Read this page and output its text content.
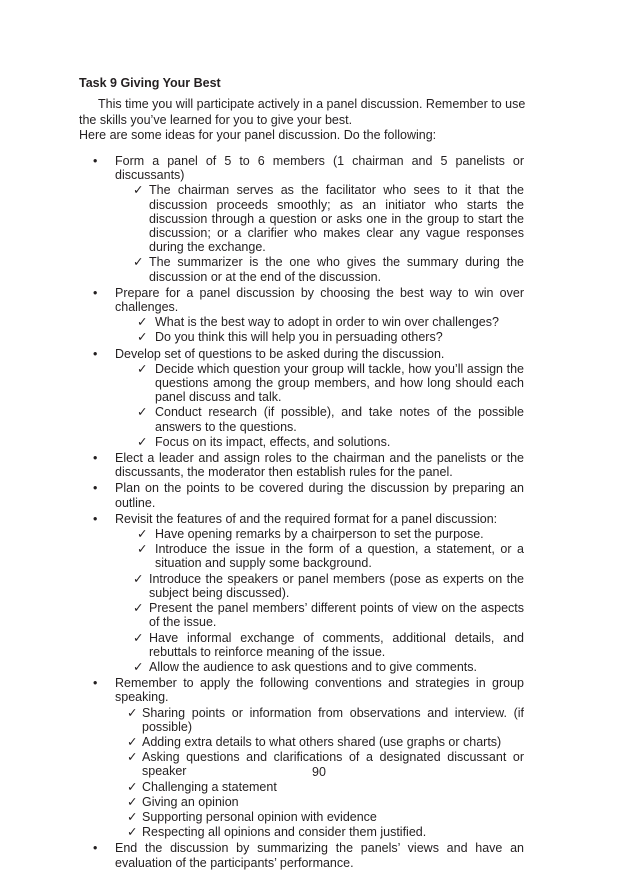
Task 9 Giving Your Best

This time you will participate actively in a panel discussion. Remember to use the skills you’ve learned for you to give your best.

Here are some ideas for your panel discussion. Do the following:

• Form a panel of 5 to 6 members (1 chairman and 5 panelists or discussants)
✓ The chairman serves as the facilitator who sees to it that the discussion proceeds smoothly; as an initiator who starts the discussion through a question or asks one in the group to start the discussion; or a clarifier who makes clear any vague responses during the exchange.
✓ The summarizer is the one who gives the summary during the discussion or at the end of the discussion.
• Prepare for a panel discussion by choosing the best way to win over challenges.
✓ What is the best way to adopt in order to win over challenges?
✓ Do you think this will help you in persuading others?
• Develop set of questions to be asked during the discussion.
✓ Decide which question your group will tackle, how you’ll assign the questions among the group members, and how long should each panel discuss and talk.
✓ Conduct research (if possible), and take notes of the possible answers to the questions.
✓ Focus on its impact, effects, and solutions.
• Elect a leader and assign roles to the chairman and the panelists or the discussants, the moderator then establish rules for the panel.
• Plan on the points to be covered during the discussion by preparing an outline.
• Revisit the features of and the required format for a panel discussion:
✓ Have opening remarks by a chairperson to set the purpose.
✓ Introduce the issue in the form of a question, a statement, or a situation and supply some background.
✓ Introduce the speakers or panel members (pose as experts on the subject being discussed).
✓ Present the panel members’ different points of view on the aspects of the issue.
✓ Have informal exchange of comments, additional details, and rebuttals to reinforce meaning of the issue.
✓ Allow the audience to ask questions and to give comments.
• Remember to apply the following conventions and strategies in group speaking.
✓ Sharing points or information from observations and interview. (if possible)
✓ Adding extra details to what others shared (use graphs or charts)
✓ Asking questions and clarifications of a designated discussant or speaker
✓ Challenging a statement
✓ Giving an opinion
✓ Supporting personal opinion with evidence
✓ Respecting all opinions and consider them justified.
• End the discussion by summarizing the panels’ views and have an evaluation of the participants’ performance.
90
